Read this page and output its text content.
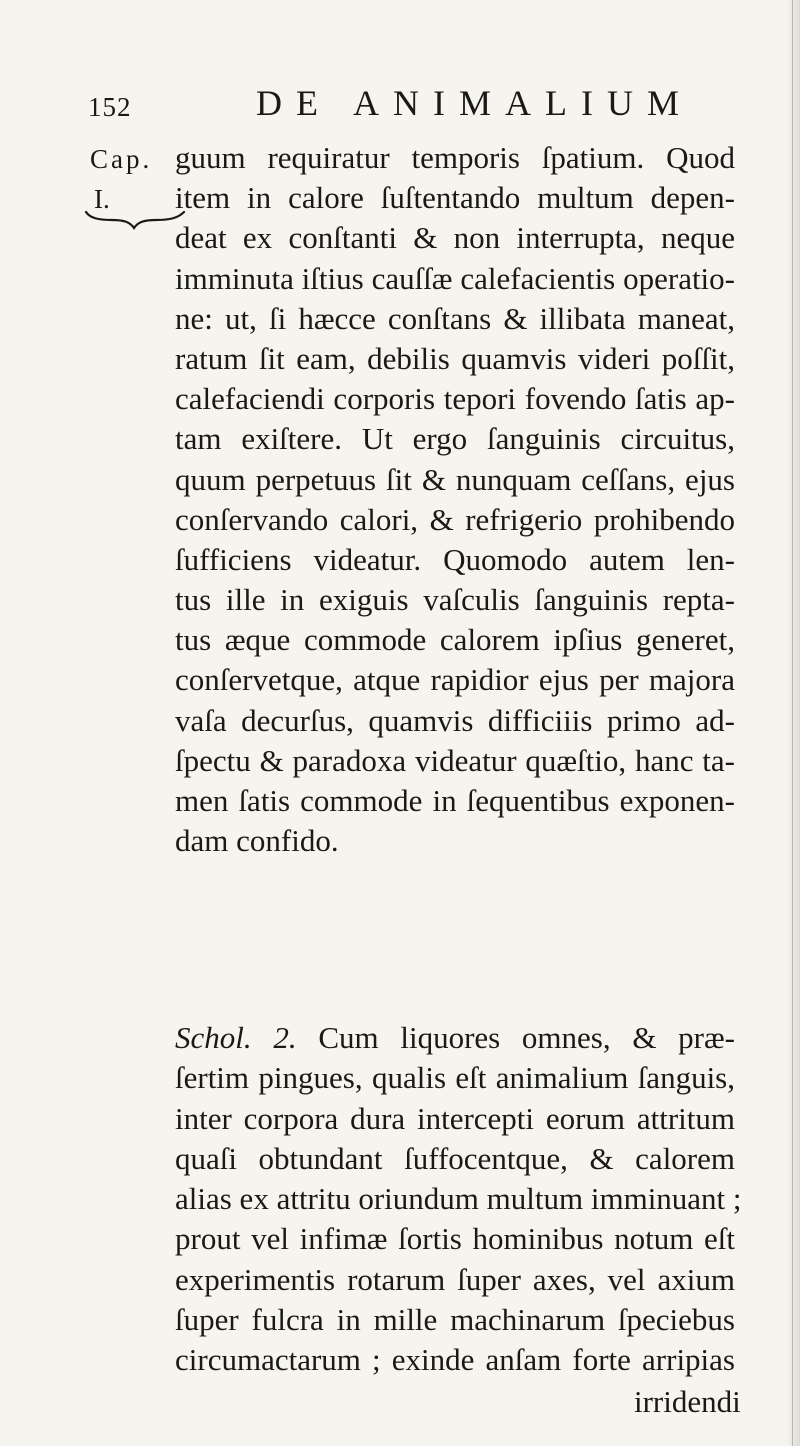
152	DE ANIMALIUM
Cap.
I.
guum requiratur temporis ſpatium. Quod
item in calore ſuſtentando multum depen-
deat ex conſtanti & non interrupta, neque
imminuta iſtius cauſſæ calefacientis operatio-
ne: ut, ſi hæcce conſtans & illibata maneat,
ratum ſit eam, debilis quamvis videri poſſit,
calefaciendi corporis tepori fovendo ſatis ap-
tam exiſtere. Ut ergo ſanguinis circuitus,
quum perpetuus ſit & nunquam ceſſans, ejus
conſervando calori, & refrigerio prohibendo
ſufficiens videatur. Quomodo autem len-
tus ille in exiguis vaſculis ſanguinis repta-
tus æque commode calorem ipſius generet,
conſervetque, atque rapidior ejus per majora
vaſa decurſus, quamvis difficiiis primo ad-
ſpectu & paradoxa videatur quæſtio, hanc ta-
men ſatis commode in ſequentibus exponen-
dam confido.
Schol. 2. Cum liquores omnes, & præ-
ſertim pingues, qualis eſt animalium ſanguis,
inter corpora dura intercepti eorum attritum
quaſi obtundant ſuffocentque, & calorem
alias ex attritu oriundum multum imminuant ;
prout vel infimæ ſortis hominibus notum eſt
experimentis rotarum ſuper axes, vel axium
ſuper fulcra in mille machinarum ſpeciebus
circumactarum ; exinde anſam forte arripias
irridendi
